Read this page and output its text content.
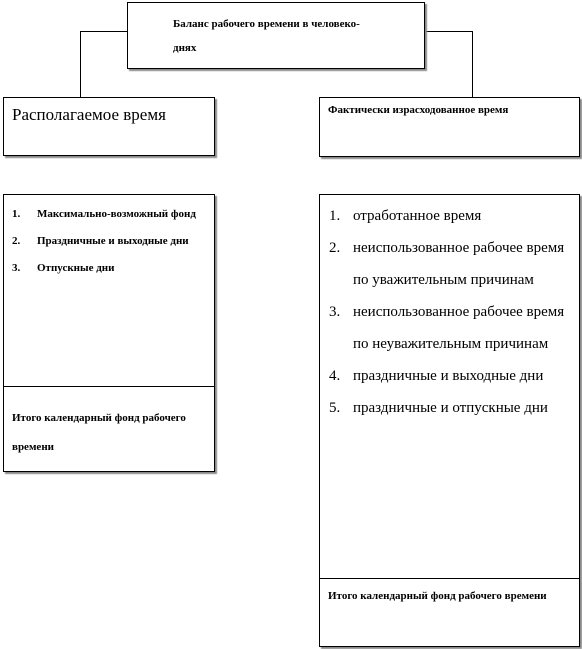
Баланс рабочего времени в человеко-днях
Располагаемое время	Фактически израсходованное время
1. Максимально-возможный фонд
2. Праздничные и выходные дни
3. Отпускные дни
Итого календарный фонд рабочего времени
1. отработанное время
2. неиспользованное рабочее время по уважительным причинам
3. неиспользованное рабочее время по неуважительным причинам
4. праздничные и выходные дни
5. праздничные и отпускные дни
Итого календарный фонд рабочего времени
